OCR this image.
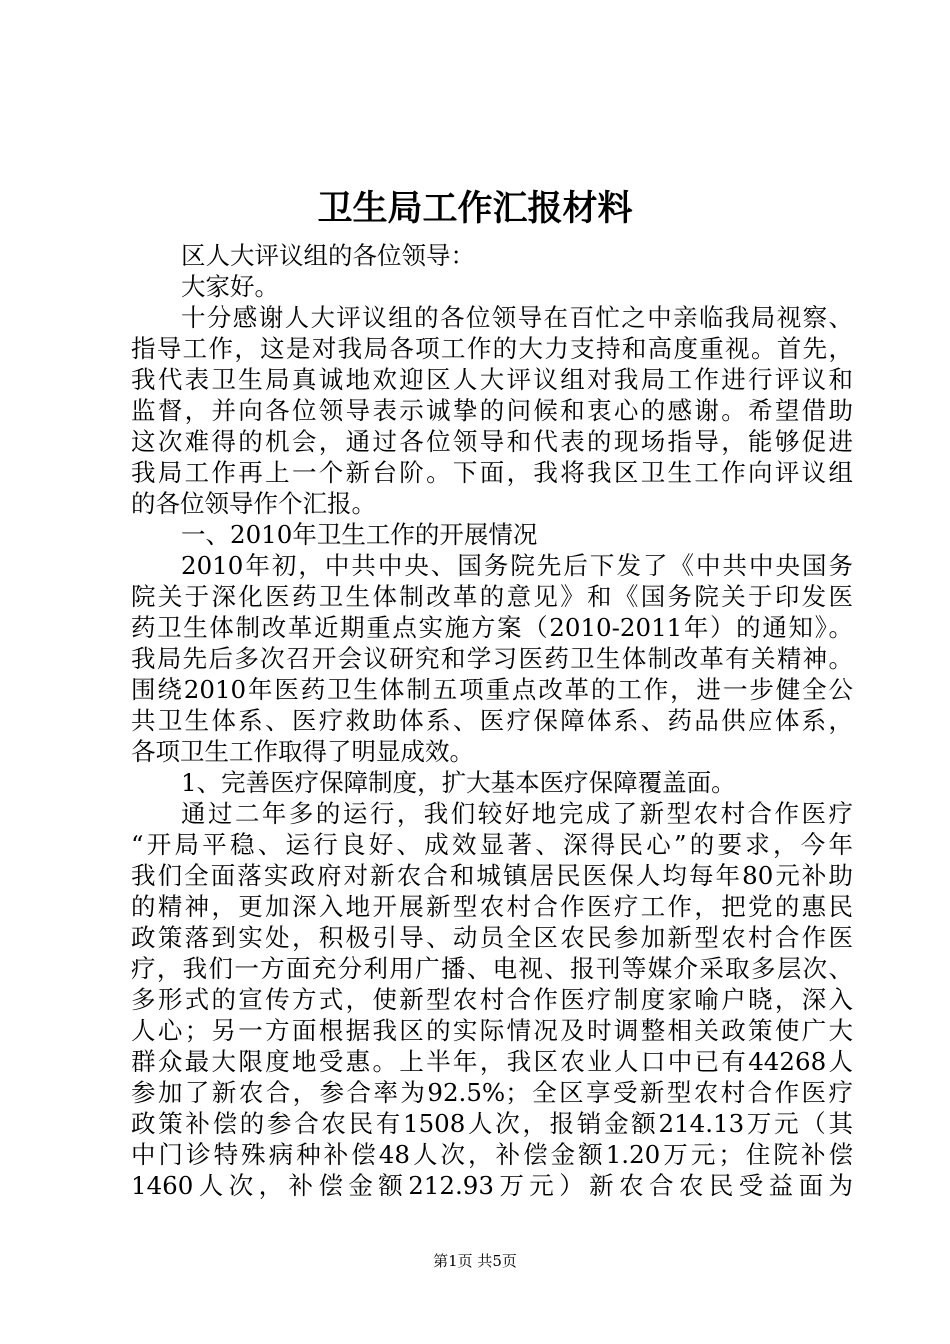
卫生局工作汇报材料
区人大评议组的各位领导：
大家好。
十分感谢人大评议组的各位领导在百忙之中亲临我局视察、
指导工作，这是对我局各项工作的大力支持和高度重视。首先，
我代表卫生局真诚地欢迎区人大评议组对我局工作进行评议和
监督，并向各位领导表示诚挚的问候和衷心的感谢。希望借助
这次难得的机会，通过各位领导和代表的现场指导，能够促进
我局工作再上一个新台阶。下面，我将我区卫生工作向评议组
的各位领导作个汇报。
一、2010年卫生工作的开展情况
2010年初，中共中央、国务院先后下发了《中共中央国务
院关于深化医药卫生体制改革的意见》和《国务院关于印发医
药卫生体制改革近期重点实施方案（2010-2011年）的通知》。
我局先后多次召开会议研究和学习医药卫生体制改革有关精神。
围绕2010年医药卫生体制五项重点改革的工作，进一步健全公
共卫生体系、医疗救助体系、医疗保障体系、药品供应体系，
各项卫生工作取得了明显成效。
1、完善医疗保障制度，扩大基本医疗保障覆盖面。
通过二年多的运行，我们较好地完成了新型农村合作医疗
“开局平稳、运行良好、成效显著、深得民心”的要求，今年
我们全面落实政府对新农合和城镇居民医保人均每年80元补助
的精神，更加深入地开展新型农村合作医疗工作，把党的惠民
政策落到实处，积极引导、动员全区农民参加新型农村合作医
疗，我们一方面充分利用广播、电视、报刊等媒介采取多层次、
多形式的宣传方式，使新型农村合作医疗制度家喻户晓，深入
人心；另一方面根据我区的实际情况及时调整相关政策使广大
群众最大限度地受惠。上半年，我区农业人口中已有44268人
参加了新农合，参合率为92.5%；全区享受新型农村合作医疗
政策补偿的参合农民有1508人次，报销金额214.13万元（其
中门诊特殊病种补偿48人次，补偿金额1.20万元；住院补偿
1460人次，补偿金额212.93万元）新农合农民受益面为
第1页 共5页
